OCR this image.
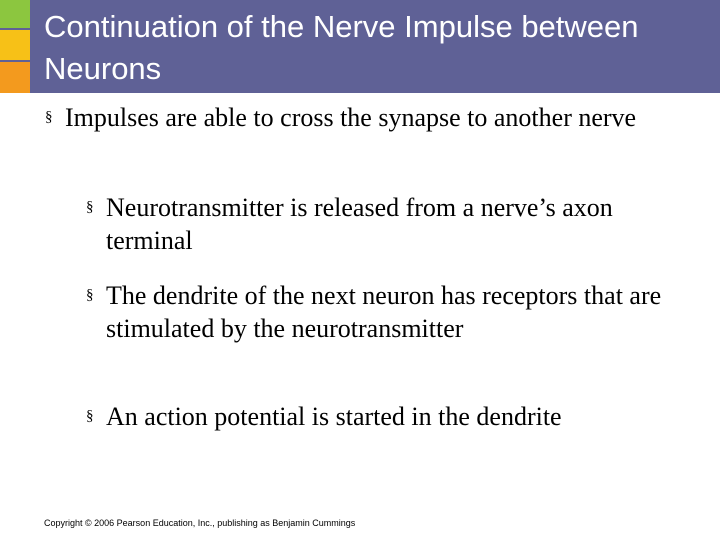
Continuation of the Nerve Impulse between Neurons
§ Impulses are able to cross the synapse to another nerve
§ Neurotransmitter is released from a nerve’s axon terminal
§ The dendrite of the next neuron has receptors that are stimulated by the neurotransmitter
§ An action potential is started in the dendrite
Copyright © 2006 Pearson Education, Inc., publishing as Benjamin Cummings
